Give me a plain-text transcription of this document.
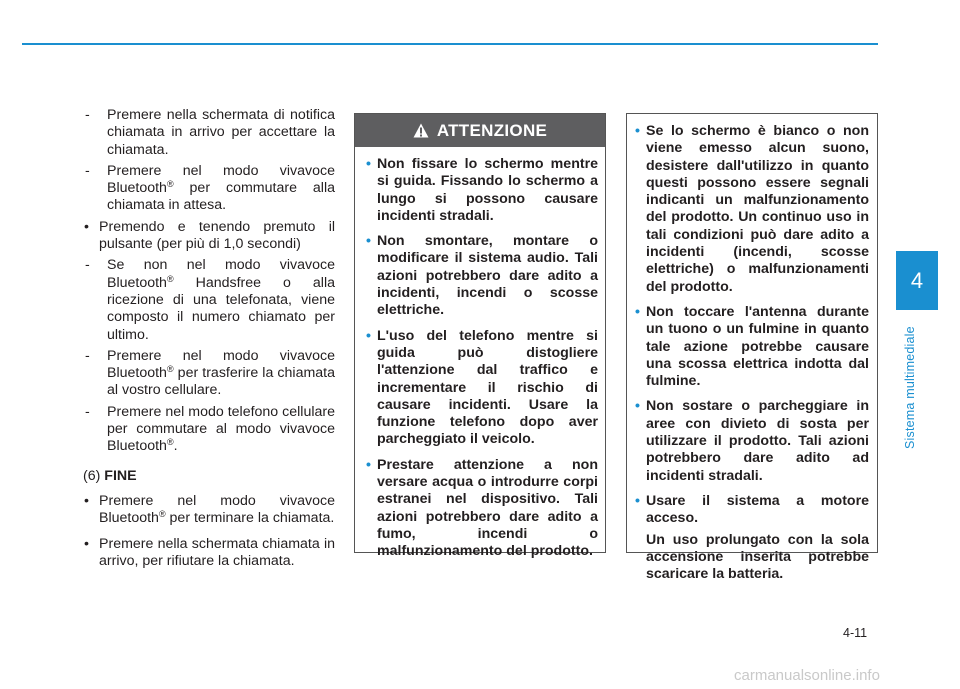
- Premere nella schermata di notifica chiamata in arrivo per accettare la chiamata.

- Premere nel modo vivavoce Bluetooth® per commutare alla chiamata in attesa.

• Premendo e tenendo premuto il pulsante (per più di 1,0 secondi)

- Se non nel modo vivavoce Bluetooth® Handsfree o alla ricezione di una telefonata, viene composto il numero chiamato per ultimo.

- Premere nel modo vivavoce Bluetooth® per trasferire la chiamata al vostro cellulare.

- Premere nel modo telefono cellulare per commutare al modo vivavoce Bluetooth®.

(6) FINE

• Premere nel modo vivavoce Bluetooth® per terminare la chiamata.

• Premere nella schermata chiamata in arrivo, per rifiutare la chiamata.

ATTENZIONE

• Non fissare lo schermo mentre si guida. Fissando lo schermo a lungo si possono causare incidenti stradali.

• Non smontare, montare o modificare il sistema audio. Tali azioni potrebbero dare adito a incidenti, incendi o scosse elettriche.

• L'uso del telefono mentre si guida può distogliere l'attenzione dal traffico e incrementare il rischio di causare incidenti. Usare la funzione telefono dopo aver parcheggiato il veicolo.

• Prestare attenzione a non versare acqua o introdurre corpi estranei nel dispositivo. Tali azioni potrebbero dare adito a fumo, incendi o malfunzionamento del prodotto.

• Se lo schermo è bianco o non viene emesso alcun suono, desistere dall'utilizzo in quanto questi possono essere segnali indicanti un malfunzionamento del prodotto. Un continuo uso in tali condizioni può dare adito a incidenti (incendi, scosse elettriche) o malfunzionamenti del prodotto.

• Non toccare l'antenna durante un tuono o un fulmine in quanto tale azione potrebbe causare una scossa elettrica indotta dal fulmine.

• Non sostare o parcheggiare in aree con divieto di sosta per utilizzare il prodotto. Tali azioni potrebbero dare adito ad incidenti stradali.

• Usare il sistema a motore acceso.

Un uso prolungato con la sola accensione inserita potrebbe scaricare la batteria.

4
Sistema multimediale
4-11
carmanualsonline.info
